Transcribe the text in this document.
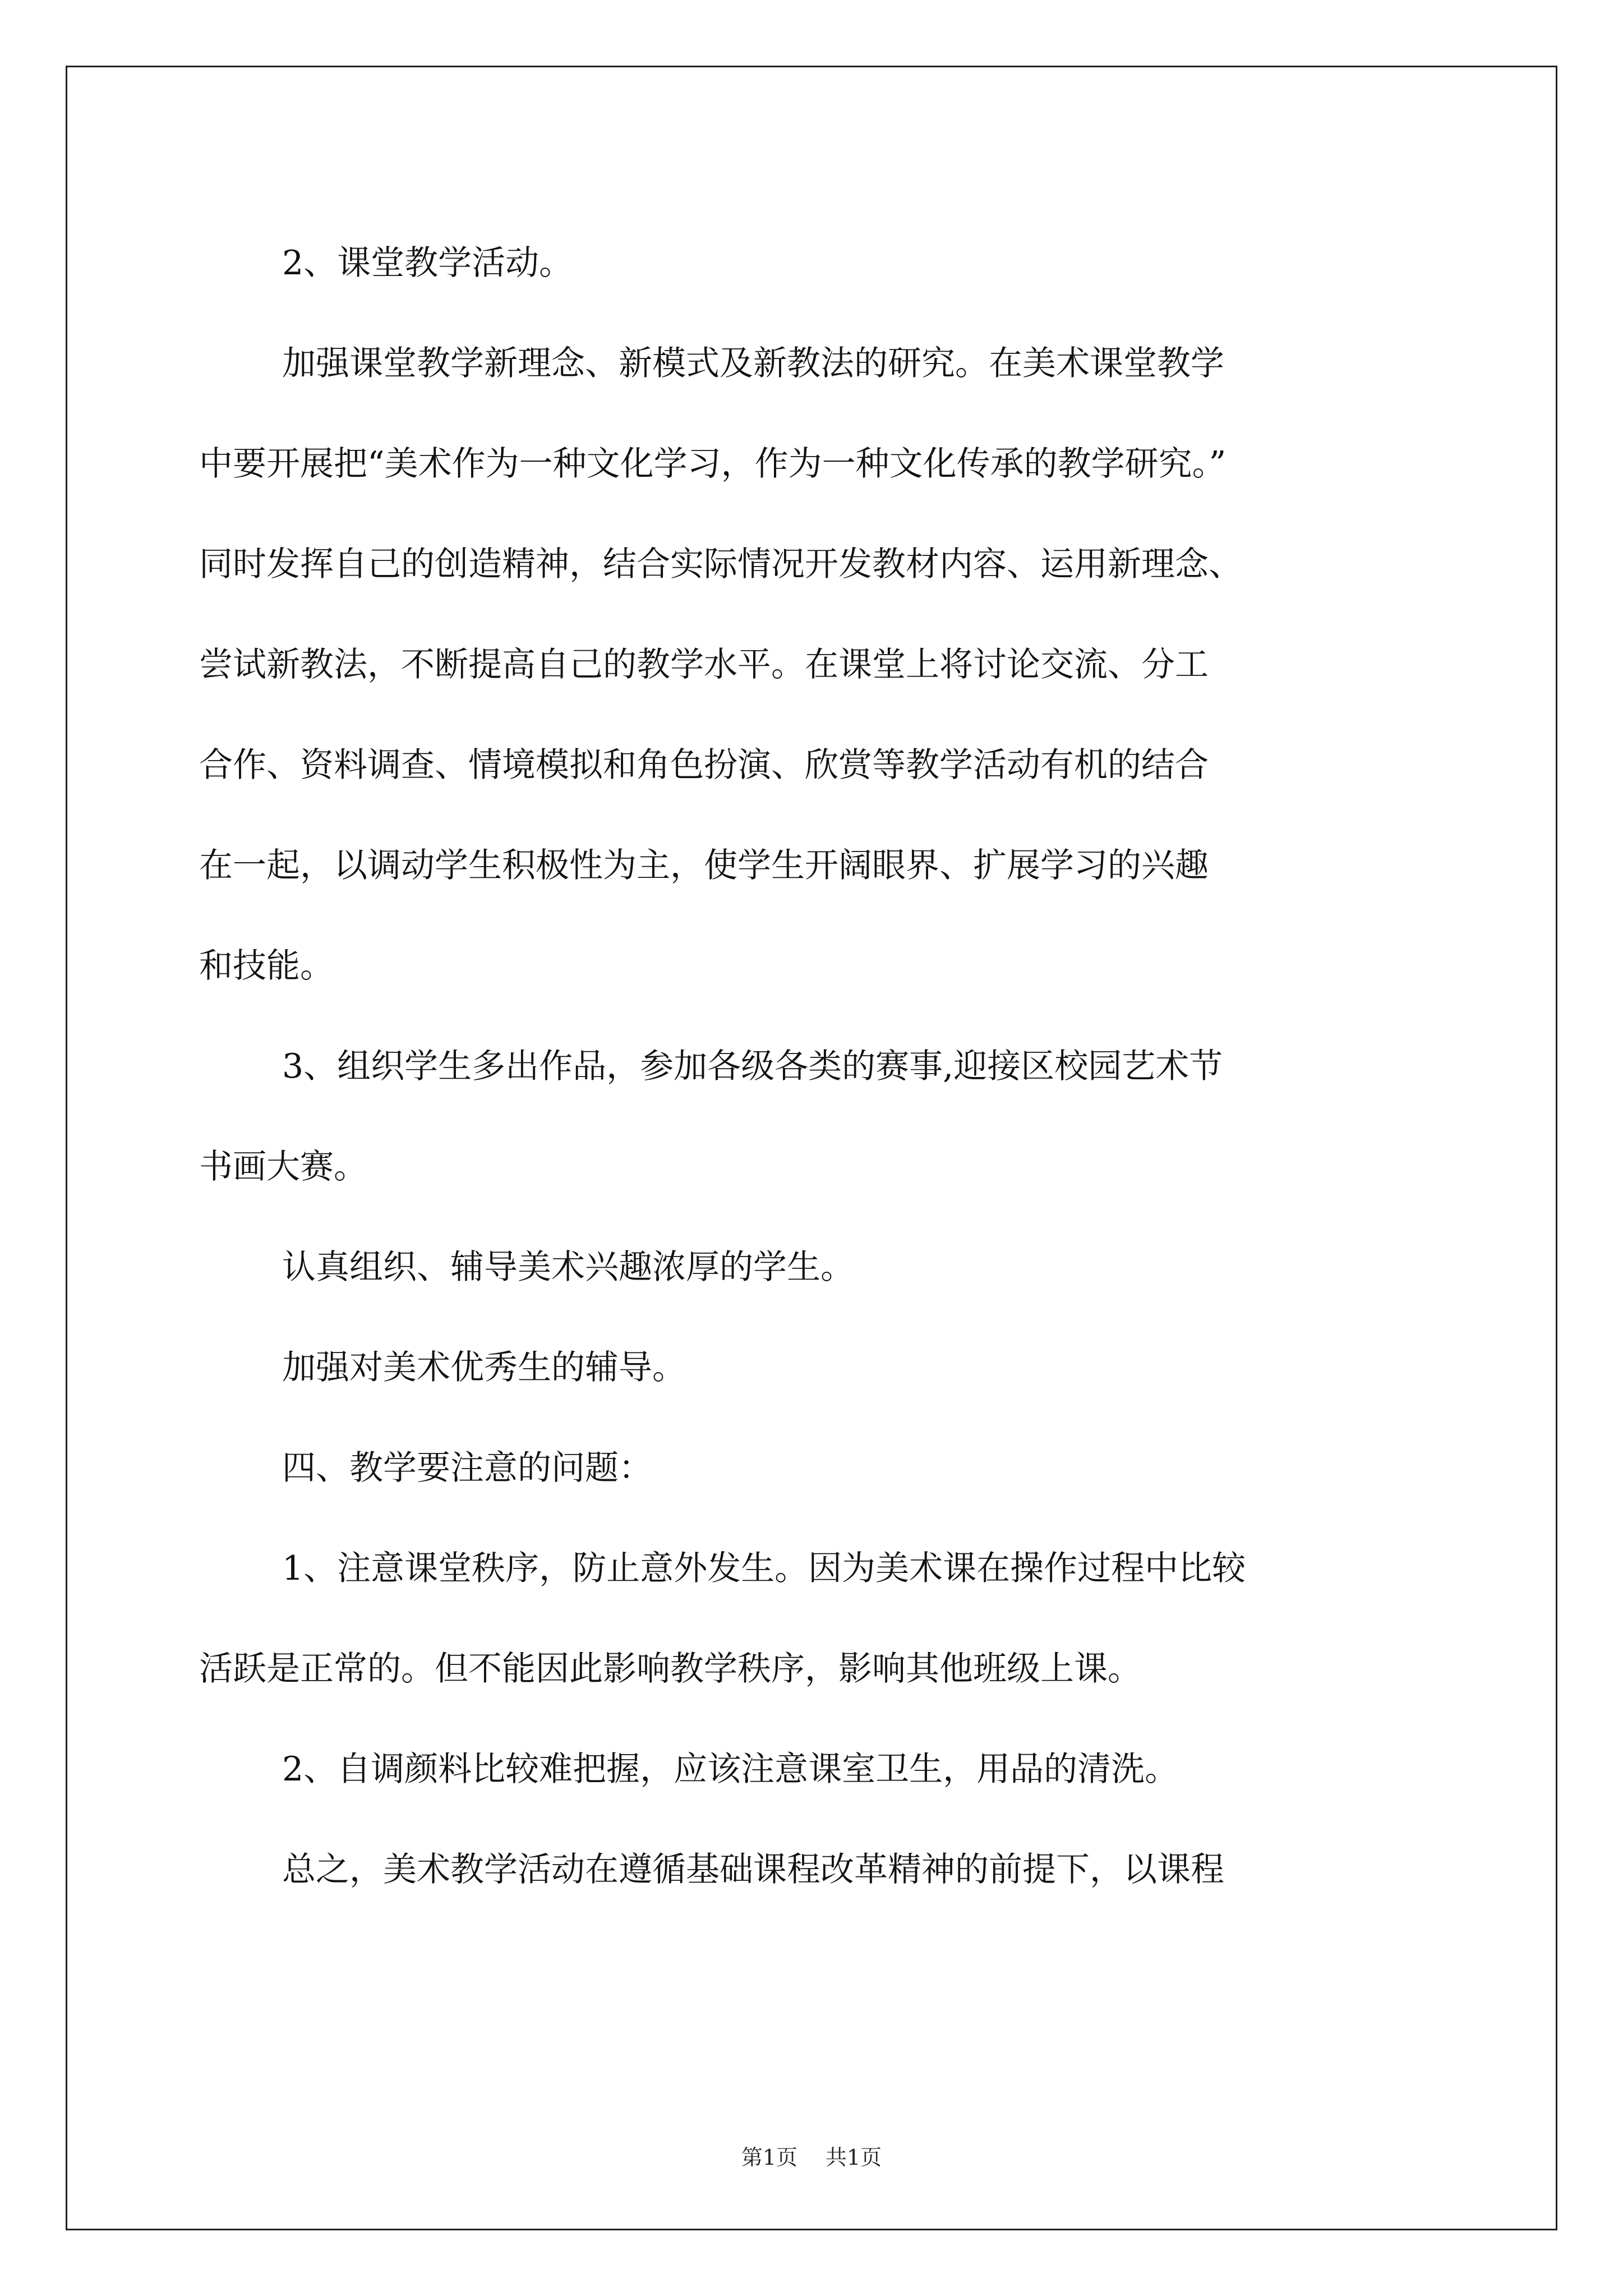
2、课堂教学活动。
加强课堂教学新理念、新模式及新教法的研究。在美术课堂教学
中要开展把“美术作为一种文化学习，作为一种文化传承的教学研究。”
同时发挥自己的创造精神，结合实际情况开发教材内容、运用新理念、
尝试新教法，不断提高自己的教学水平。在课堂上将讨论交流、分工
合作、资料调查、情境模拟和角色扮演、欣赏等教学活动有机的结合
在一起，以调动学生积极性为主，使学生开阔眼界、扩展学习的兴趣
和技能。
3、组织学生多出作品，参加各级各类的赛事,迎接区校园艺术节
书画大赛。
认真组织、辅导美术兴趣浓厚的学生。
加强对美术优秀生的辅导。
四、教学要注意的问题：
1、注意课堂秩序，防止意外发生。因为美术课在操作过程中比较
活跃是正常的。但不能因此影响教学秩序，影响其他班级上课。
2、自调颜料比较难把握，应该注意课室卫生，用品的清洗。
总之，美术教学活动在遵循基础课程改革精神的前提下，以课程
第1页 共1页
